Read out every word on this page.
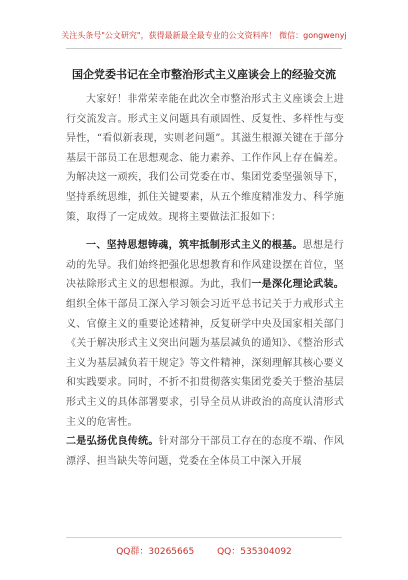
关注头条号"公文研究"，获得最新最全最专业的公文资料库！ 微信：gongwenyj
国企党委书记在全市整治形式主义座谈会上的经验交流

大家好！非常荣幸能在此次全市整治形式主义座谈会上进行交流发言。形式主义问题具有顽固性、反复性、多样性与变异性，“看似新表现，实则老问题”。其滋生根源关键在于部分基层干部员工在思想观念、能力素养、工作作风上存在偏差。为解决这一顽疾，我们公司党委在市、集团党委坚强领导下，坚持系统思维，抓住关键要素，从五个维度精准发力、科学施策，取得了一定成效。现将主要做法汇报如下：

一、坚持思想铸魂，筑牢抵制形式主义的根基。思想是行动的先导。我们始终把强化思想教育和作风建设摆在首位，坚决祛除形式主义的思想根源。为此，我们一是深化理论武装。组织全体干部员工深入学习领会习近平总书记关于力戒形式主义、官僚主义的重要论述精神，反复研学中央及国家相关部门《关于解决形式主义突出问题为基层减负的通知》、《整治形式主义为基层减负若干规定》等文件精神，深刻理解其核心要义和实践要求。同时，不折不扣贯彻落实集团党委关于整治基层形式主义的具体部署要求，引导全员从讲政治的高度认清形式主义的危害性。

二是弘扬优良传统。针对部分干部员工存在的态度不端、作风漂浮、担当缺失等问题，党委在全体员工中深入开展

QQ群：30265665	QQ：535304092
